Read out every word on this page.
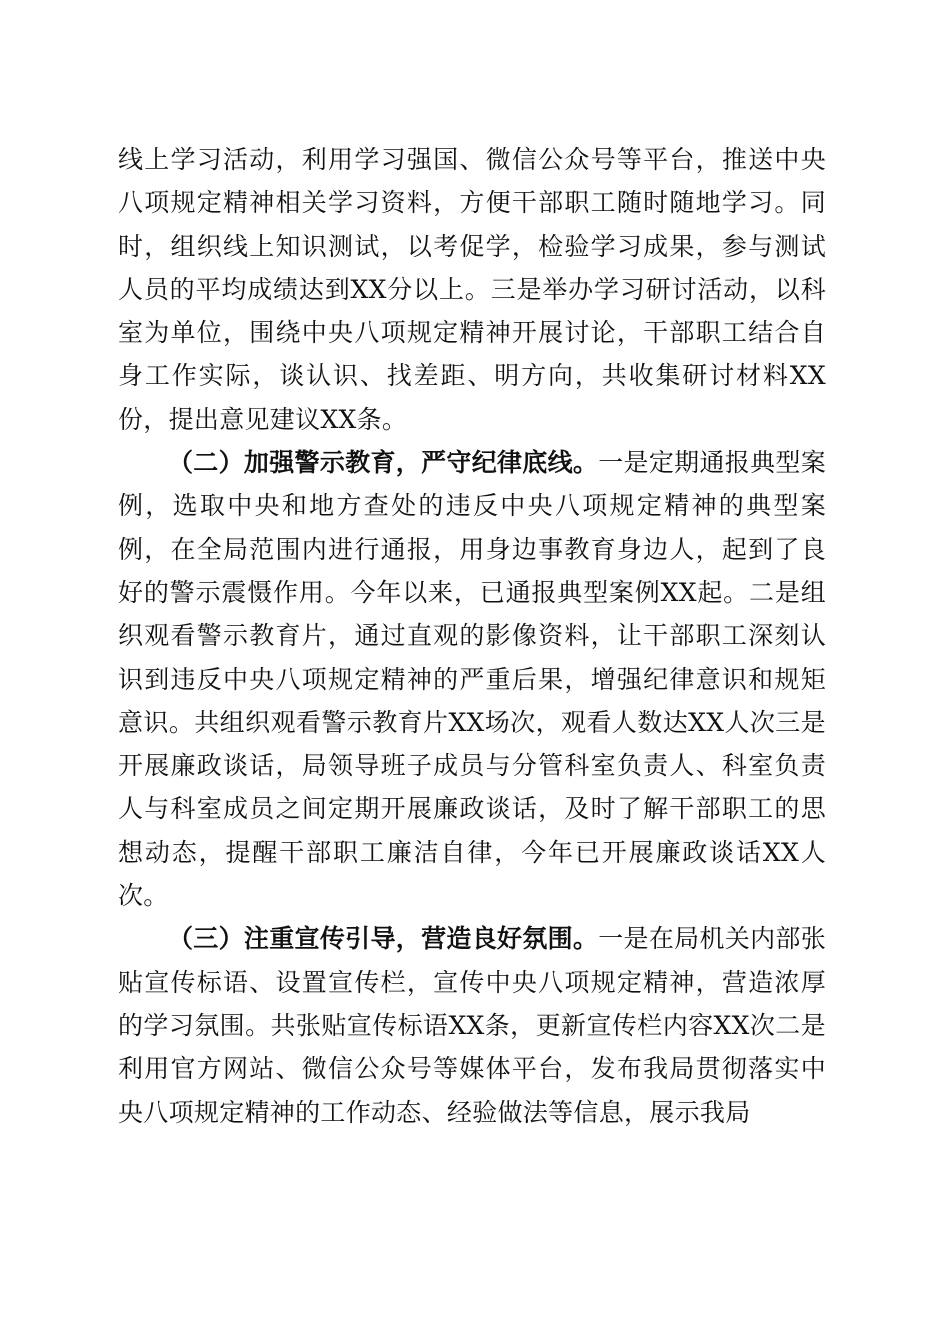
线上学习活动，利用学习强国、微信公众号等平台，推送中央八项规定精神相关学习资料，方便干部职工随时随地学习。同时，组织线上知识测试，以考促学，检验学习成果，参与测试人员的平均成绩达到XX分以上。三是举办学习研讨活动，以科室为单位，围绕中央八项规定精神开展讨论，干部职工结合自身工作实际，谈认识、找差距、明方向，共收集研讨材料XX份，提出意见建议XX条。

（二）加强警示教育，严守纪律底线。一是定期通报典型案例，选取中央和地方查处的违反中央八项规定精神的典型案例，在全局范围内进行通报，用身边事教育身边人，起到了良好的警示震慑作用。今年以来，已通报典型案例XX起。二是组织观看警示教育片，通过直观的影像资料，让干部职工深刻认识到违反中央八项规定精神的严重后果，增强纪律意识和规矩意识。共组织观看警示教育片XX场次，观看人数达XX人次三是开展廉政谈话，局领导班子成员与分管科室负责人、科室负责人与科室成员之间定期开展廉政谈话，及时了解干部职工的思想动态，提醒干部职工廉洁自律，今年已开展廉政谈话XX人次。

（三）注重宣传引导，营造良好氛围。一是在局机关内部张贴宣传标语、设置宣传栏，宣传中央八项规定精神，营造浓厚的学习氛围。共张贴宣传标语XX条，更新宣传栏内容XX次二是利用官方网站、微信公众号等媒体平台，发布我局贯彻落实中央八项规定精神的工作动态、经验做法等信息，展示我局
